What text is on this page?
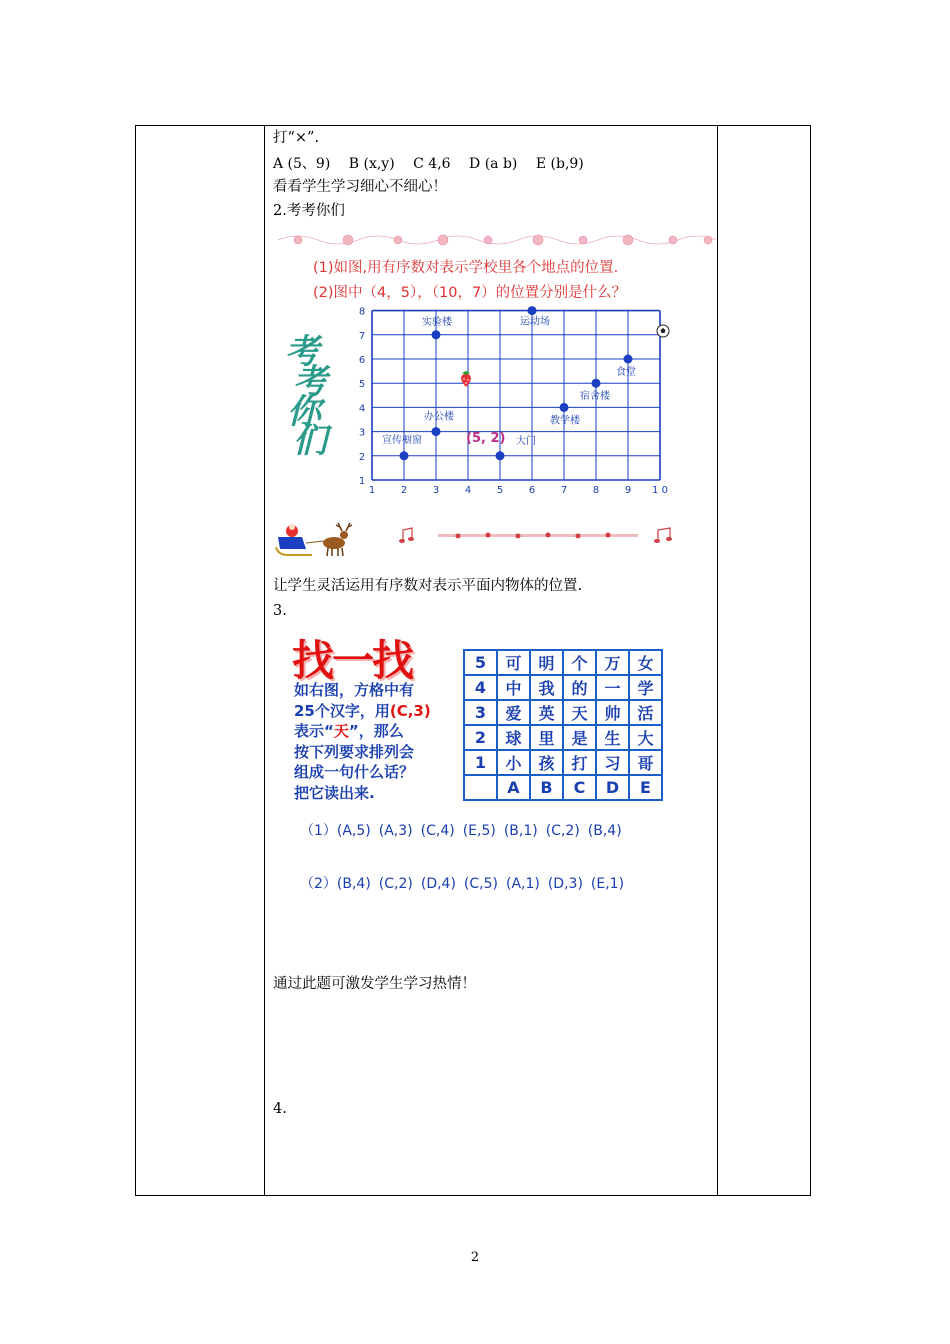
打“×”.
A (5、9) B (x,y) C 4,6 D (a b) E (b,9)
看看学生学习细心不细心！
2.考考你们
(1)如图,用有序数对表示学校里各个地点的位置.
(2)图中（4，5），（10，7）的位置分别是什么？
考
考
你
们
1	2	3	4	5	6	7	8	9 1 0
1
2
3
4
5
6
7
8
宣传橱窗
办公楼
实验楼
大门
运动场
教学楼
宿舍楼
食堂
(5, 2)
让学生灵活运用有序数对表示平面内物体的位置.
3.
找一找
如右图，方格中有
25个汉字，用(C,3)
表示“天”，那么
按下列要求排列会
组成一句什么话？
把它读出来.
5	可	明	个	万	女
4	中	我	的	一	学
3	爱	英	天	帅	活
2	球	里	是	生	大
1	小	孩	打	习	哥
	A	B	C	D	E
（1）(A,5) (A,3) (C,4) (E,5) (B,1) (C,2) (B,4)
（2）(B,4) (C,2) (D,4) (C,5) (A,1) (D,3) (E,1)
通过此题可激发学生学习热情！
4.
2
